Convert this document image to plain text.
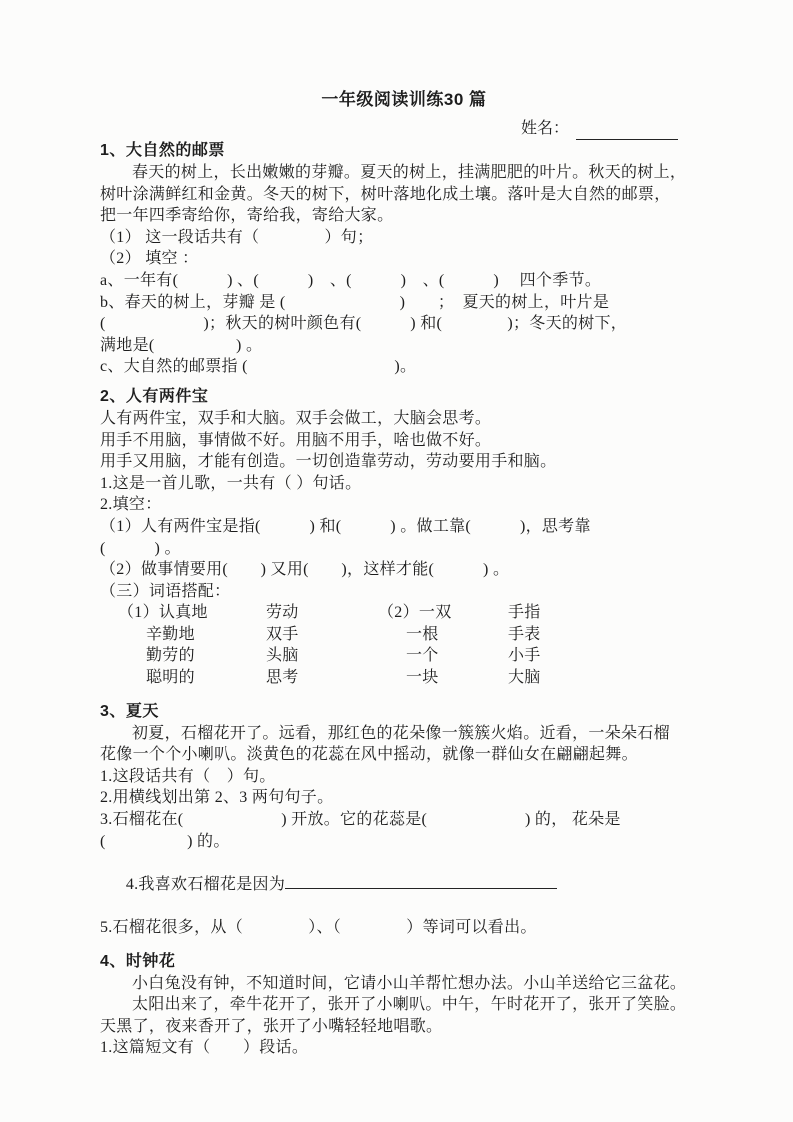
一年级阅读训练30 篇
姓名：
1、大自然的邮票
春天的树上，长出嫩嫩的芽瓣。夏天的树上，挂满肥肥的叶片。秋天的树上，
树叶涂满鲜红和金黄。冬天的树下，树叶落地化成土壤。落叶是大自然的邮票，
把一年四季寄给你，寄给我，寄给大家。
（1） 这一段话共有（　　　　）句；
（2） 填空 ：
a、一年有(　　　) 、(　　　)　、(　　　)　、(　　　)　 四个季节。
b、春天的树上，芽瓣 是 (　　　　　　　)　　；　夏天的树上，叶片是
(　　　　　　)；秋天的树叶颜色有(　　　) 和(　　　　)；冬天的树下，
满地是(　　　　　) 。
c、大自然的邮票指 (　　　　　　　　　)。
2、人有两件宝
人有两件宝，双手和大脑。双手会做工，大脑会思考。
用手不用脑，事情做不好。用脑不用手，啥也做不好。
用手又用脑，才能有创造。一切创造靠劳动，劳动要用手和脑。
1.这是一首儿歌，一共有（ ）句话。
2.填空：
（1）人有两件宝是指(　　　) 和(　　　) 。做工靠(　　　)，思考靠
(　　　) 。
（2）做事情要用(　　) 又用(　　)，这样才能(　　　) 。
（三）词语搭配：
（1）认真地	劳动	（2）一双	手指
辛勤地	双手	一根	手表
勤劳的	头脑	一个	小手
聪明的	思考	一块	大脑
3、夏天
初夏，石榴花开了。远看，那红色的花朵像一簇簇火焰。近看，一朵朵石榴
花像一个个小喇叭。淡黄色的花蕊在风中摇动，就像一群仙女在翩翩起舞。
1.这段话共有（　）句。
2.用横线划出第 2、3 两句句子。
3.石榴花在(　　　　　　) 开放。它的花蕊是(　　　　　　) 的， 花朵是
(　　　　　) 的。

4.我喜欢石榴花是因为

5.石榴花很多，从（　　　　）、（　　　　）等词可以看出。
4、时钟花
小白兔没有钟，不知道时间，它请小山羊帮忙想办法。小山羊送给它三盆花。
太阳出来了，牵牛花开了，张开了小喇叭。中午，午时花开了，张开了笑脸。
天黑了，夜来香开了，张开了小嘴轻轻地唱歌。
1.这篇短文有（　　）段话。
